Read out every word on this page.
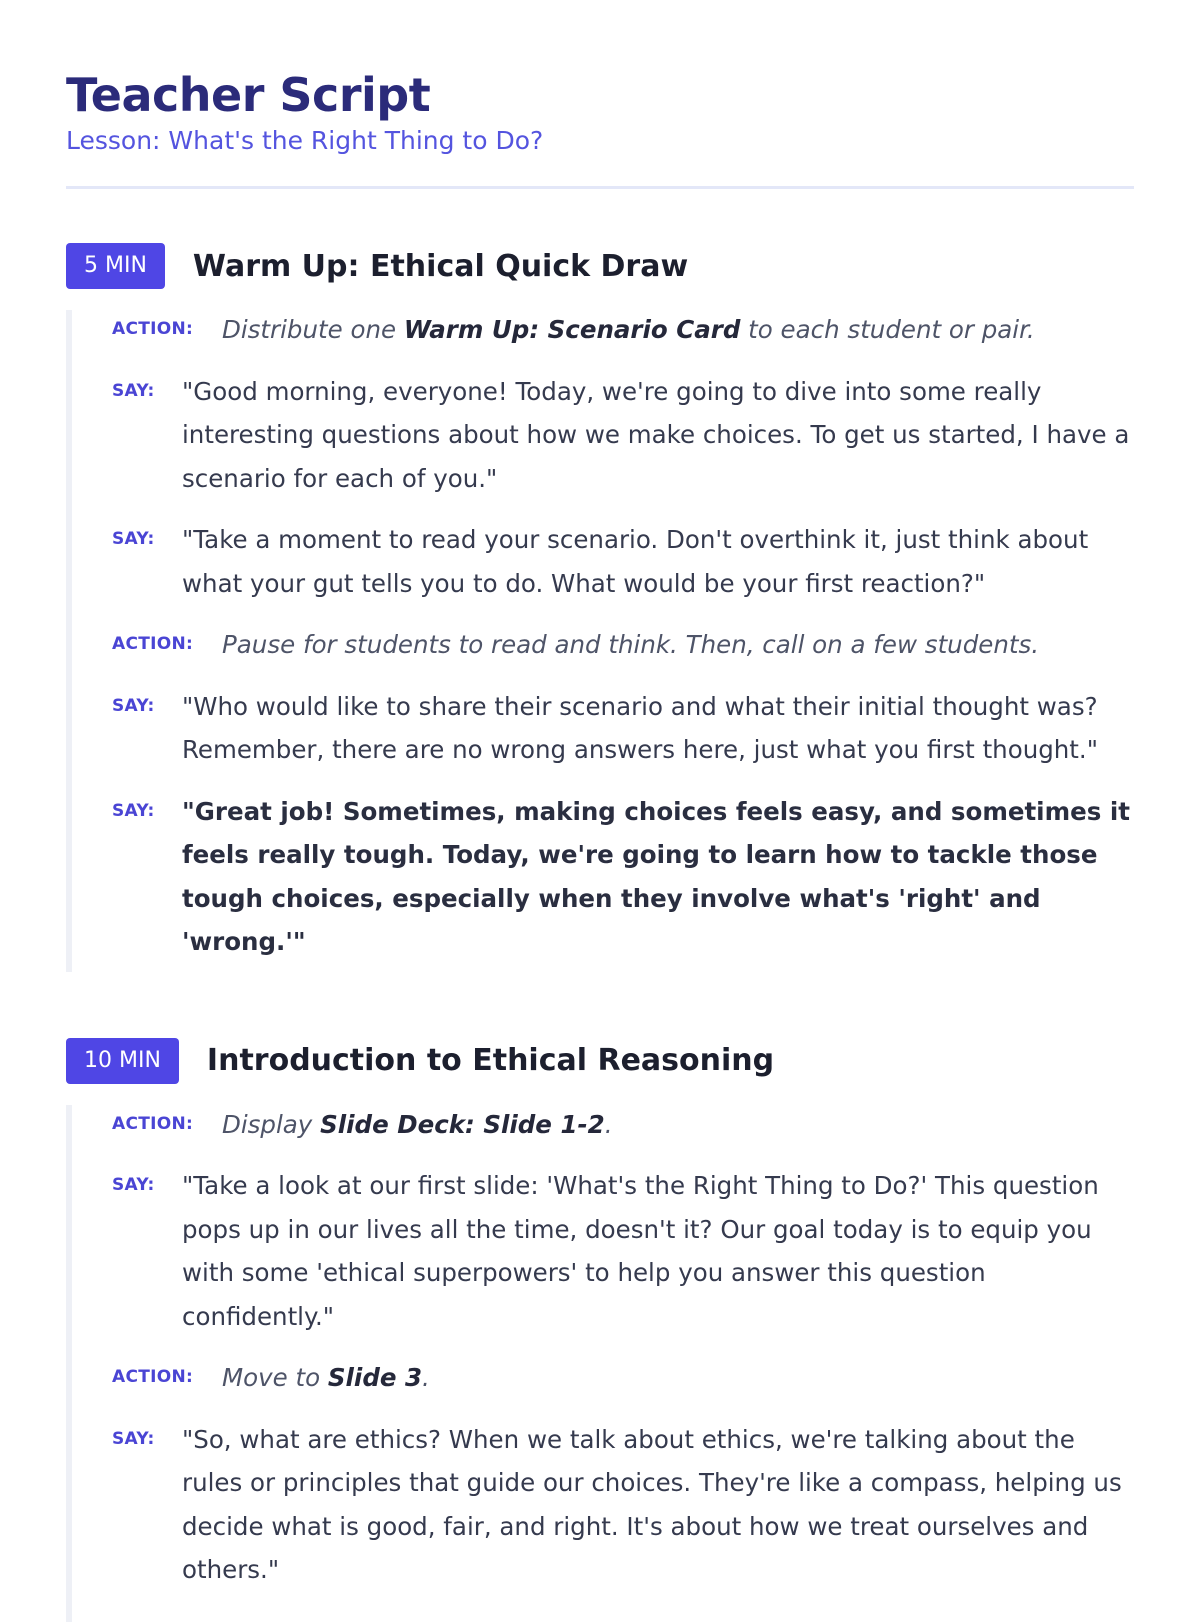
Teacher Script
Lesson: What's the Right Thing to Do?
5 MIN	Warm Up: Ethical Quick Draw
ACTION:	Distribute one Warm Up: Scenario Card to each student or pair.
SAY:	"Good morning, everyone! Today, we're going to dive into some really interesting questions about how we make choices. To get us started, I have a scenario for each of you."
SAY:	"Take a moment to read your scenario. Don't overthink it, just think about what your gut tells you to do. What would be your first reaction?"
ACTION:	Pause for students to read and think. Then, call on a few students.
SAY:	"Who would like to share their scenario and what their initial thought was? Remember, there are no wrong answers here, just what you first thought."
SAY:	"Great job! Sometimes, making choices feels easy, and sometimes it feels really tough. Today, we're going to learn how to tackle those tough choices, especially when they involve what's 'right' and 'wrong.'"
10 MIN	Introduction to Ethical Reasoning
ACTION:	Display Slide Deck: Slide 1-2.
SAY:	"Take a look at our first slide: 'What's the Right Thing to Do?' This question pops up in our lives all the time, doesn't it? Our goal today is to equip you with some 'ethical superpowers' to help you answer this question confidently."
ACTION:	Move to Slide 3.
SAY:	"So, what are ethics? When we talk about ethics, we're talking about the rules or principles that guide our choices. They're like a compass, helping us decide what is good, fair, and right. It's about how we treat ourselves and others."
